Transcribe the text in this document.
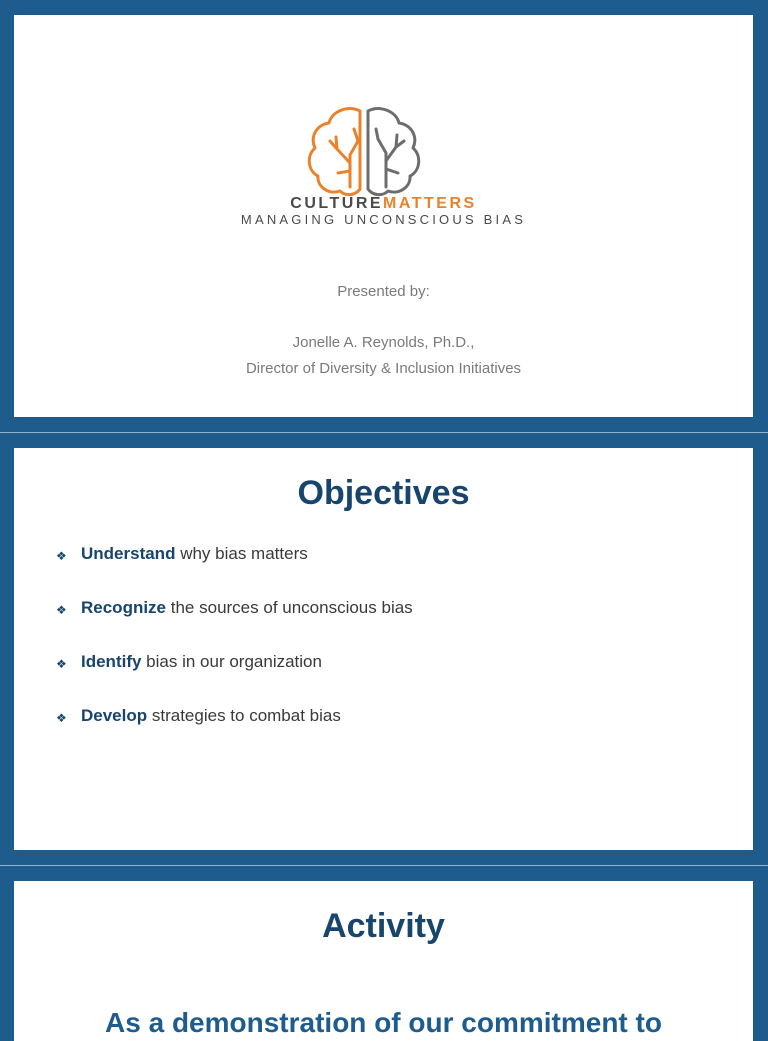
CULTUREMATTERS
MANAGING UNCONSCIOUS BIAS
Presented by:
Jonelle A. Reynolds, Ph.D.,
Director of Diversity & Inclusion Initiatives
Objectives
❖ Understand why bias matters
❖ Recognize the sources of unconscious bias
❖ Identify bias in our organization
❖ Develop strategies to combat bias
Activity
As a demonstration of our commitment to
